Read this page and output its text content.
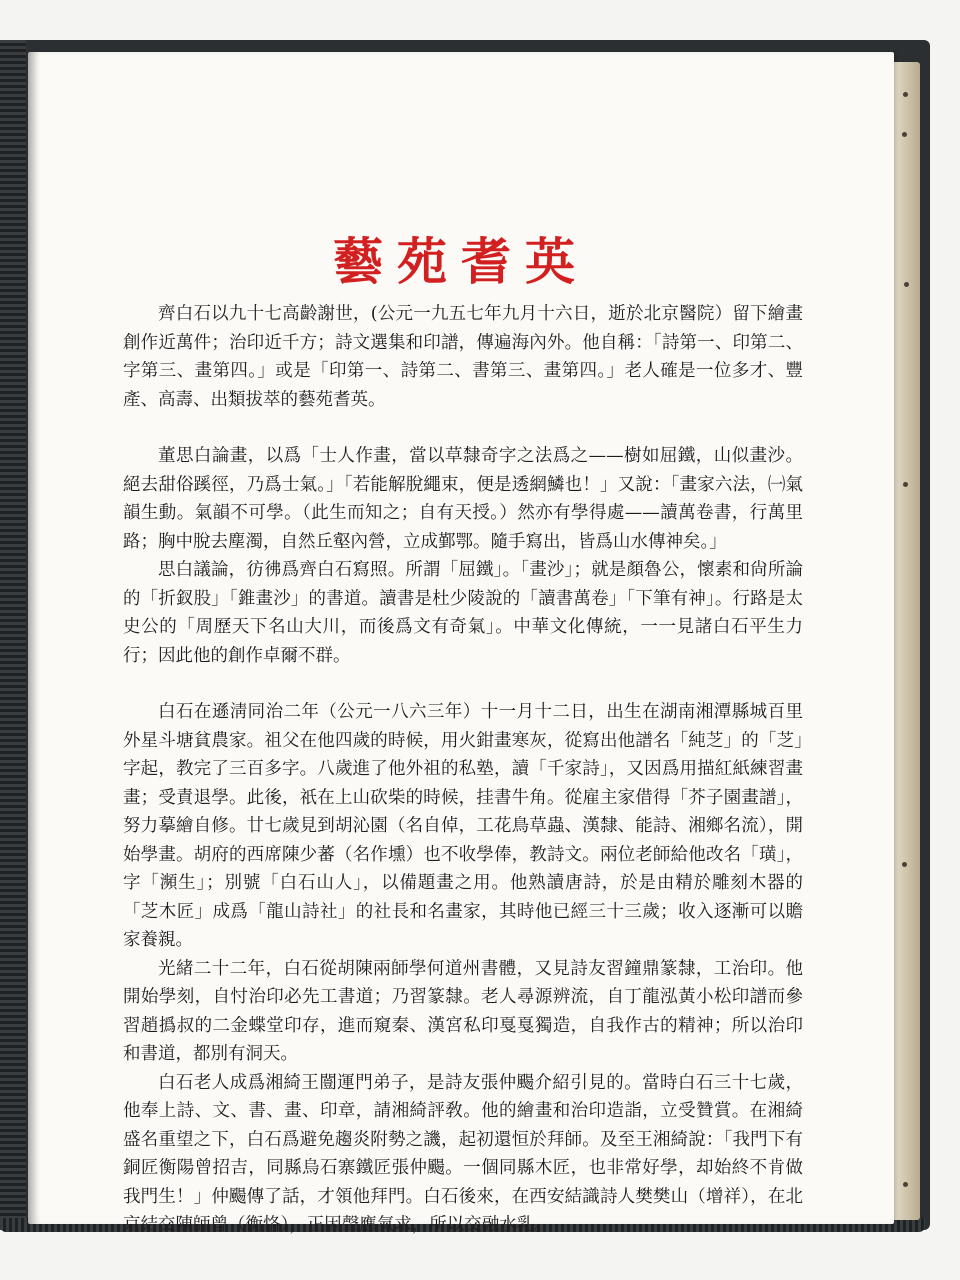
藝苑耆英

齊白石以九十七高齡謝世，(公元一九五七年九月十六日，逝於北京醫院）留下繪畫創作近萬件；治印近千方；詩文選集和印譜，傳遍海內外。他自稱：「詩第一、印第二、字第三、畫第四。」或是「印第一、詩第二、書第三、畫第四。」老人確是一位多才、豐產、高壽、出類拔萃的藝苑耆英。

董思白論畫，以爲「士人作畫，當以草隸奇字之法爲之——樹如屈鐵，山似畫沙。絕去甜俗蹊徑，乃爲士氣。」「若能解脫繩束，便是透網鱗也！」又說：「畫家六法，㈠氣韻生動。氣韻不可學。（此生而知之；自有天授。）然亦有學得處——讀萬卷書，行萬里路；胸中脫去塵濁，自然丘壑內營，立成鄞鄂。隨手寫出，皆爲山水傳神矣。」

思白議論，彷彿爲齊白石寫照。所謂「屈鐵」。「畫沙」；就是顏魯公，懷素和尙所論的「折釵股」「錐畫沙」的書道。讀書是杜少陵說的「讀書萬卷」「下筆有神」。行路是太史公的「周歷天下名山大川，而後爲文有奇氣」。中華文化傳統，一一見諸白石平生力行；因此他的創作卓爾不群。

白石在遜淸同治二年（公元一八六三年）十一月十二日，出生在湖南湘潭縣城百里外星斗塘貧農家。祖父在他四歲的時候，用火鉗畫寒灰，從寫出他譜名「純芝」的「芝」字起，教完了三百多字。八歲進了他外祖的私塾，讀「千家詩」，又因爲用描紅紙練習畫畫；受責退學。此後，祇在上山砍柴的時候，挂書牛角。從雇主家借得「芥子園畫譜」，努力摹繪自修。廿七歲見到胡沁園（名自倬，工花鳥草蟲、漢隸、能詩、湘鄉名流），開始學畫。胡府的西席陳少蕃（名作壎）也不收學俸，教詩文。兩位老師給他改名「璜」，字「瀕生」；別號「白石山人」，以備題畫之用。他熟讀唐詩，於是由精於雕刻木器的「芝木匠」成爲「龍山詩社」的社長和名畫家，其時他已經三十三歲；收入逐漸可以贍家養親。

光緒二十二年，白石從胡陳兩師學何道州書體，又見詩友習鐘鼎篆隸，工治印。他開始學刻，自忖治印必先工書道；乃習篆隸。老人尋源辨流，自丁龍泓黃小松印譜而參習趙撝叔的二金蝶堂印存，進而窺秦、漢宮私印戛戛獨造，自我作古的精神；所以治印和書道，都別有洞天。

白石老人成爲湘綺王闓運門弟子，是詩友張仲颺介紹引見的。當時白石三十七歲，他奉上詩、文、書、畫、印章，請湘綺評敎。他的繪畫和治印造詣，立受贊賞。在湘綺盛名重望之下，白石爲避免趨炎附勢之譏，起初還恒於拜師。及至王湘綺說：「我門下有銅匠衡陽曾招吉，同縣烏石寨鐵匠張仲颺。一個同縣木匠，也非常好學，却始終不肯做我門生！」仲颺傳了話，才領他拜門。白石後來，在西安結識詩人樊樊山（增祥），在北京結交陳師曾（衡恪），正因聲應氣求，所以交融水乳。
